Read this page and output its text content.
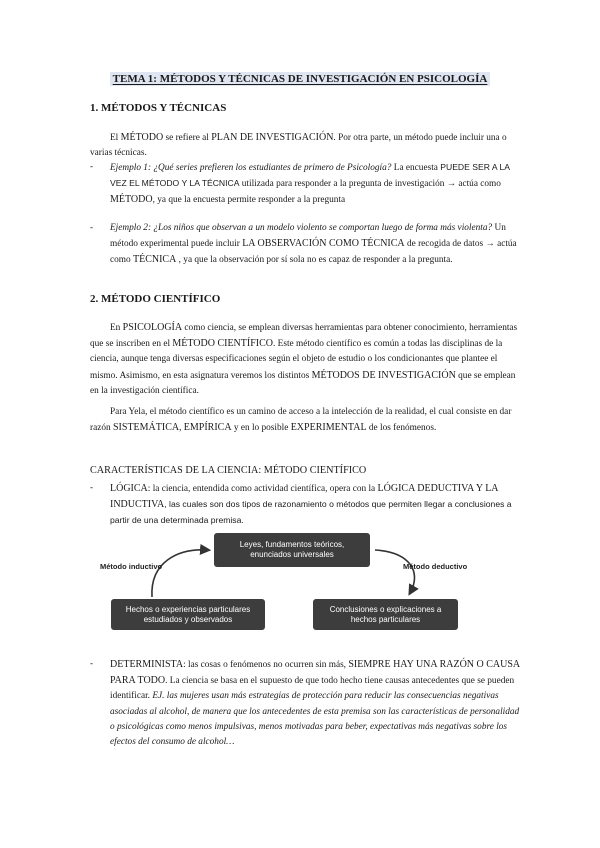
TEMA 1: MÉTODOS Y TÉCNICAS DE INVESTIGACIÓN EN PSICOLOGÍA

1. MÉTODOS Y TÉCNICAS

El MÉTODO se refiere al PLAN DE INVESTIGACIÓN. Por otra parte, un método puede incluir una o varias técnicas.

- Ejemplo 1: ¿Qué series prefieren los estudiantes de primero de Psicología? La encuesta PUEDE SER A LA VEZ EL MÉTODO Y LA TÉCNICA utilizada para responder a la pregunta de investigación → actúa como MÉTODO, ya que la encuesta permite responder a la pregunta
- Ejemplo 2: ¿Los niños que observan a un modelo violento se comportan luego de forma más violenta? Un método experimental puede incluir LA OBSERVACIÓN COMO TÉCNICA de recogida de datos → actúa como TÉCNICA , ya que la observación por sí sola no es capaz de responder a la pregunta.

2. MÉTODO CIENTÍFICO

En PSICOLOGÍA como ciencia, se emplean diversas herramientas para obtener conocimiento, herramientas que se inscriben en el MÉTODO CIENTÍFICO. Este método científico es común a todas las disciplinas de la ciencia, aunque tenga diversas especificaciones según el objeto de estudio o los condicionantes que plantee el mismo. Asimismo, en esta asignatura veremos los distintos MÉTODOS DE INVESTIGACIÓN que se emplean en la investigación científica.

Para Yela, el método científico es un camino de acceso a la intelección de la realidad, el cual consiste en dar razón SISTEMÁTICA, EMPÍRICA y en lo posible EXPERIMENTAL de los fenómenos.

CARACTERÍSTICAS DE LA CIENCIA: MÉTODO CIENTÍFICO

- LÓGICA: la ciencia, entendida como actividad científica, opera con la LÓGICA DEDUCTIVA Y LA INDUCTIVA, las cuales son dos tipos de razonamiento o métodos que permiten llegar a conclusiones a partir de una determinada premisa.

Método inductivo	Método deductivo

Leyes, fundamentos teóricos,
enunciados universales
Hechos o experiencias particulares
estudiados y observados
Conclusiones o explicaciones a
hechos particulares
- DETERMINISTA: las cosas o fenómenos no ocurren sin más, SIEMPRE HAY UNA RAZÓN O CAUSA PARA TODO. La ciencia se basa en el supuesto de que todo hecho tiene causas antecedentes que se pueden identificar. EJ. las mujeres usan más estrategias de protección para reducir las consecuencias negativas asociadas al alcohol, de manera que los antecedentes de esta premisa son las características de personalidad o psicológicas como menos impulsivas, menos motivadas para beber, expectativas más negativas sobre los efectos del consumo de alcohol…
